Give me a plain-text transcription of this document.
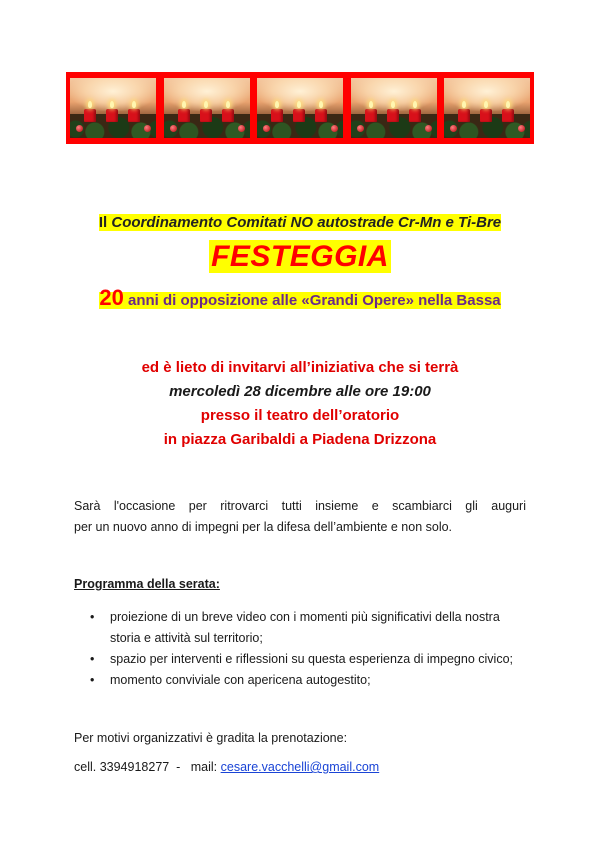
Il Coordinamento Comitati NO autostrade Cr-Mn e Ti-Bre
FESTEGGIA
20 anni di opposizione alle «Grandi Opere» nella Bassa
ed è lieto di invitarvi all’iniziativa che si terrà
mercoledì 28 dicembre alle ore 19:00
presso il teatro dell’oratorio
in piazza Garibaldi a Piadena Drizzona
Sarà l'occasione per ritrovarci tutti insieme e scambiarci gli auguri
per un nuovo anno di impegni per la difesa dell’ambiente e non solo.
Programma della serata:
• proiezione di un breve video con i momenti più significativi della nostra
storia e attività sul territorio;
• spazio per interventi e riflessioni su questa esperienza di impegno civico;
• momento conviviale con apericena autogestito;
Per motivi organizzativi è gradita la prenotazione:
cell. 3394918277  -   mail: cesare.vacchelli@gmail.com
